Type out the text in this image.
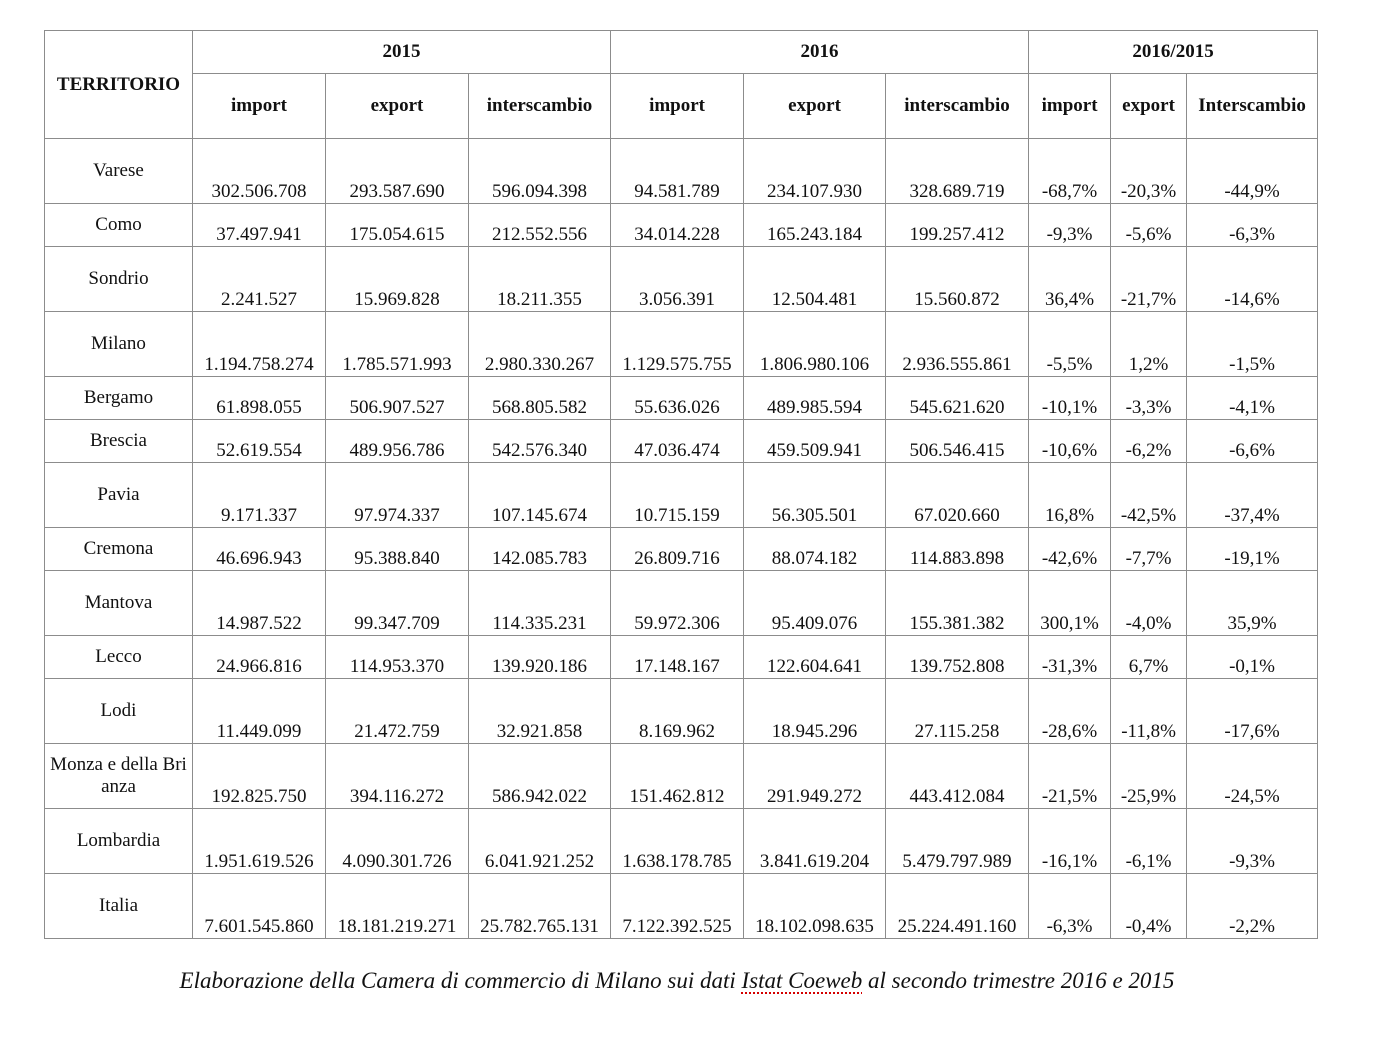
TERRITORIO	2015			2016			2016/2015		
	import	export	interscambio	import	export	interscambio	import	export	Interscambio
Varese	302.506.708	293.587.690	596.094.398	94.581.789	234.107.930	328.689.719	-68,7%	-20,3%	-44,9%
Como	37.497.941	175.054.615	212.552.556	34.014.228	165.243.184	199.257.412	-9,3%	-5,6%	-6,3%
Sondrio	2.241.527	15.969.828	18.211.355	3.056.391	12.504.481	15.560.872	36,4%	-21,7%	-14,6%
Milano	1.194.758.274	1.785.571.993	2.980.330.267	1.129.575.755	1.806.980.106	2.936.555.861	-5,5%	1,2%	-1,5%
Bergamo	61.898.055	506.907.527	568.805.582	55.636.026	489.985.594	545.621.620	-10,1%	-3,3%	-4,1%
Brescia	52.619.554	489.956.786	542.576.340	47.036.474	459.509.941	506.546.415	-10,6%	-6,2%	-6,6%
Pavia	9.171.337	97.974.337	107.145.674	10.715.159	56.305.501	67.020.660	16,8%	-42,5%	-37,4%
Cremona	46.696.943	95.388.840	142.085.783	26.809.716	88.074.182	114.883.898	-42,6%	-7,7%	-19,1%
Mantova	14.987.522	99.347.709	114.335.231	59.972.306	95.409.076	155.381.382	300,1%	-4,0%	35,9%
Lecco	24.966.816	114.953.370	139.920.186	17.148.167	122.604.641	139.752.808	-31,3%	6,7%	-0,1%
Lodi	11.449.099	21.472.759	32.921.858	8.169.962	18.945.296	27.115.258	-28,6%	-11,8%	-17,6%
Monza e della Brianza	192.825.750	394.116.272	586.942.022	151.462.812	291.949.272	443.412.084	-21,5%	-25,9%	-24,5%
Lombardia	1.951.619.526	4.090.301.726	6.041.921.252	1.638.178.785	3.841.619.204	5.479.797.989	-16,1%	-6,1%	-9,3%
Italia	7.601.545.860	18.181.219.271	25.782.765.131	7.122.392.525	18.102.098.635	25.224.491.160	-6,3%	-0,4%	-2,2%
Elaborazione della Camera di commercio di Milano sui dati Istat Coeweb al secondo trimestre 2016 e 2015
